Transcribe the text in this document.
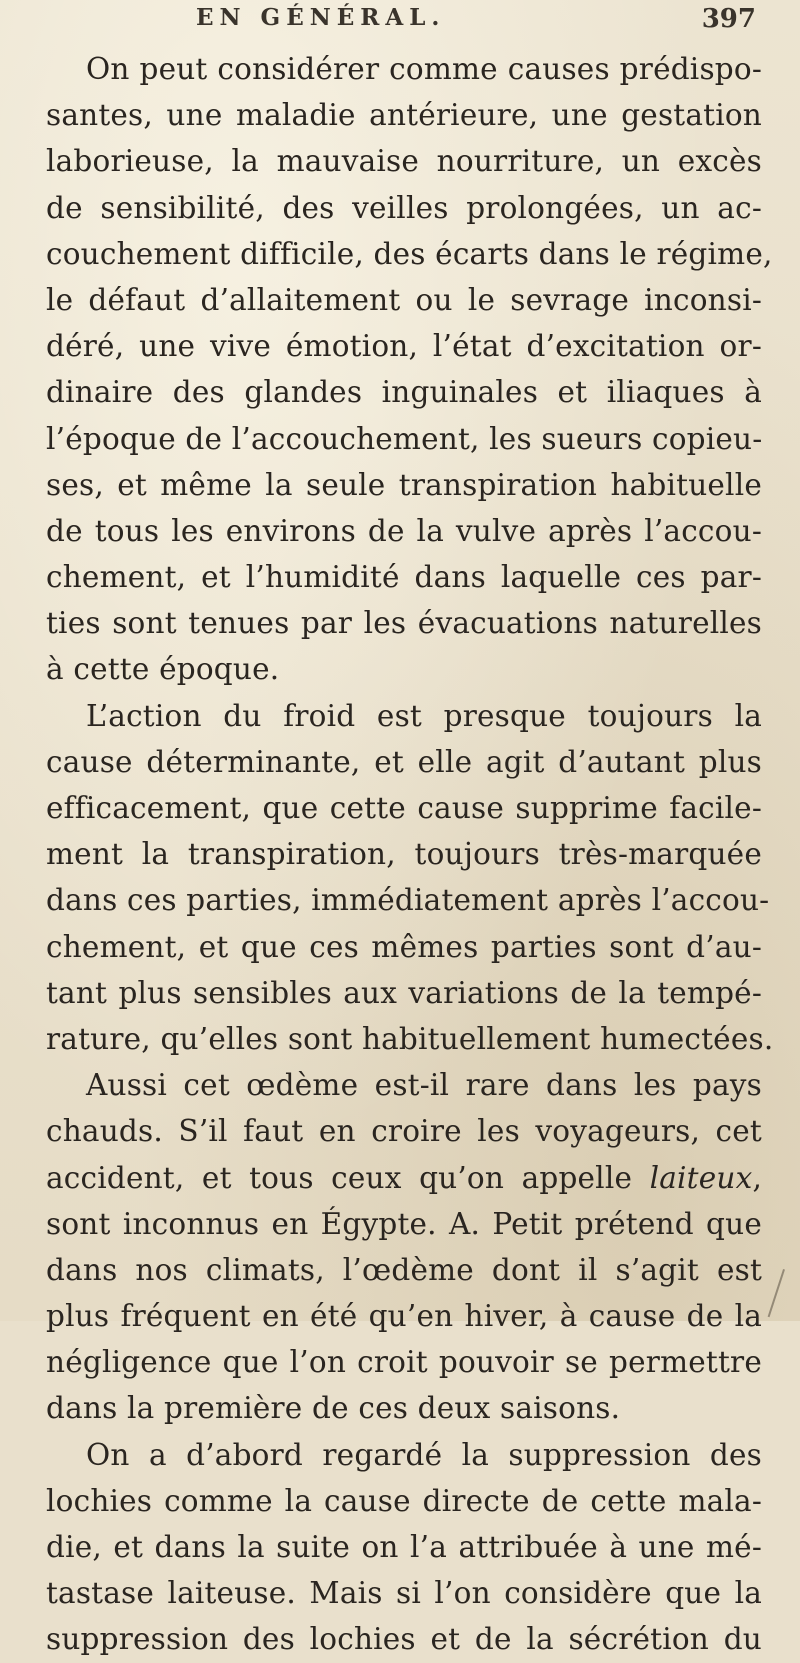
EN GÉNÉRAL.	397
On peut considérer comme causes prédispo-
santes, une maladie antérieure, une gestation
laborieuse, la mauvaise nourriture, un excès
de sensibilité, des veilles prolongées, un ac-
couchement difficile, des écarts dans le régime,
le défaut d’allaitement ou le sevrage inconsi-
déré, une vive émotion, l’état d’excitation or-
dinaire des glandes inguinales et iliaques à
l’époque de l’accouchement, les sueurs copieu-
ses, et même la seule transpiration habituelle
de tous les environs de la vulve après l’accou-
chement, et l’humidité dans laquelle ces par-
ties sont tenues par les évacuations naturelles
à cette époque.
L’action du froid est presque toujours la
cause déterminante, et elle agit d’autant plus
efficacement, que cette cause supprime facile-
ment la transpiration, toujours très-marquée
dans ces parties, immédiatement après l’accou-
chement, et que ces mêmes parties sont d’au-
tant plus sensibles aux variations de la tempé-
rature, qu’elles sont habituellement humectées.
Aussi cet œdème est-il rare dans les pays
chauds. S’il faut en croire les voyageurs, cet
accident, et tous ceux qu’on appelle laiteux,
sont inconnus en Égypte. A. Petit prétend que
dans nos climats, l’œdème dont il s’agit est
plus fréquent en été qu’en hiver, à cause de la
négligence que l’on croit pouvoir se permettre
dans la première de ces deux saisons.
On a d’abord regardé la suppression des
lochies comme la cause directe de cette mala-
die, et dans la suite on l’a attribuée à une mé-
tastase laiteuse. Mais si l’on considère que la
suppression des lochies et de la sécrétion du
